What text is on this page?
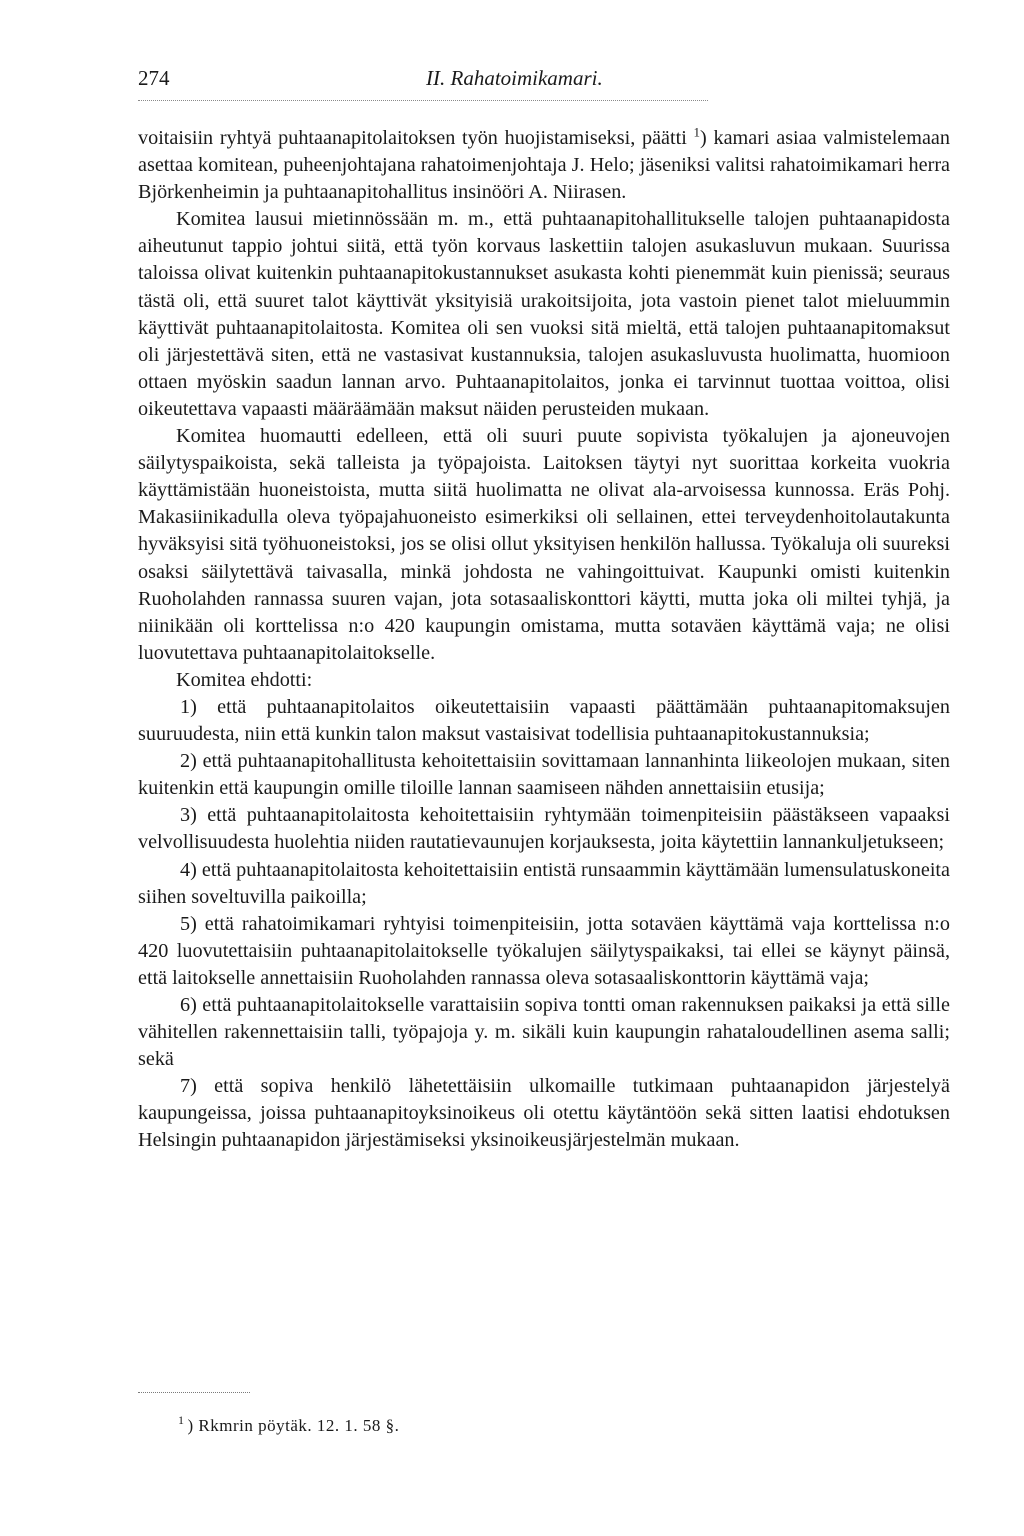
274	II. Rahatoimikamari.

voitaisiin ryhtyä puhtaanapitolaitoksen työn huojistamiseksi, päätti $^1$) kamari asiaa valmistelemaan asettaa komitean, puheenjohtajana rahatoimenjohtaja J. Helo; jäseniksi valitsi rahatoimikamari herra Björkenheimin ja puhtaanapitohallitus insinööri A. Niirasen.

Komitea lausui mietinnössään m. m., että puhtaanapitohallitukselle talojen puhtaanapidosta aiheutunut tappio johtui siitä, että työn korvaus laskettiin talojen asukasluvun mukaan. Suurissa taloissa olivat kuitenkin puhtaanapitokustannukset asukasta kohti pienemmät kuin pienissä; seuraus tästä oli, että suuret talot käyttivät yksityisiä urakoitsijoita, jota vastoin pienet talot mieluummin käyttivät puhtaanapitolaitosta. Komitea oli sen vuoksi sitä mieltä, että talojen puhtaanapitomaksut oli järjestettävä siten, että ne vastasivat kustannuksia, talojen asukasluvusta huolimatta, huomioon ottaen myöskin saadun lannan arvo. Puhtaanapitolaitos, jonka ei tarvinnut tuottaa voittoa, olisi oikeutettava vapaasti määräämään maksut näiden perusteiden mukaan.

Komitea huomautti edelleen, että oli suuri puute sopivista työkalujen ja ajoneuvojen säilytyspaikoista, sekä talleista ja työpajoista. Laitoksen täytyi nyt suorittaa korkeita vuokria käyttämistään huoneistoista, mutta siitä huolimatta ne olivat ala-arvoisessa kunnossa. Eräs Pohj. Makasiinikadulla oleva työpajahuoneisto esimerkiksi oli sellainen, ettei terveydenhoitolautakunta hyväksyisi sitä työhuoneistoksi, jos se olisi ollut yksityisen henkilön hallussa. Työkaluja oli suureksi osaksi säilytettävä taivasalla, minkä johdosta ne vahingoittuivat. Kaupunki omisti kuitenkin Ruoholahden rannassa suuren vajan, jota sotasaaliskonttori käytti, mutta joka oli miltei tyhjä, ja niinikään oli korttelissa n:o 420 kaupungin omistama, mutta sotaväen käyttämä vaja; ne olisi luovutettava puhtaanapitolaitokselle.

Komitea ehdotti:

1) että puhtaanapitolaitos oikeutettaisiin vapaasti päättämään puhtaanapitomaksujen suuruudesta, niin että kunkin talon maksut vastaisivat todellisia puhtaanapitokustannuksia;

2) että puhtaanapitohallitusta kehoitettaisiin sovittamaan lannanhinta liikeolojen mukaan, siten kuitenkin että kaupungin omille tiloille lannan saamiseen nähden annettaisiin etusija;

3) että puhtaanapitolaitosta kehoitettaisiin ryhtymään toimenpiteisiin päästäkseen vapaaksi velvollisuudesta huolehtia niiden rautatievaunujen korjauksesta, joita käytettiin lannankuljetukseen;

4) että puhtaanapitolaitosta kehoitettaisiin entistä runsaammin käyttämään lumensulatuskoneita siihen soveltuvilla paikoilla;

5) että rahatoimikamari ryhtyisi toimenpiteisiin, jotta sotaväen käyttämä vaja korttelissa n:o 420 luovutettaisiin puhtaanapitolaitokselle työkalujen säilytyspaikaksi, tai ellei se käynyt päinsä, että laitokselle annettaisiin Ruoholahden rannassa oleva sotasaaliskonttorin käyttämä vaja;

6) että puhtaanapitolaitokselle varattaisiin sopiva tontti oman rakennuksen paikaksi ja että sille vähitellen rakennettaisiin talli, työpajoja y. m. sikäli kuin kaupungin rahataloudellinen asema salli; sekä

7) että sopiva henkilö lähetettäisiin ulkomaille tutkimaan puhtaanapidon järjestelyä kaupungeissa, joissa puhtaanapitoyksinoikeus oli otettu käytäntöön sekä sitten laatisi ehdotuksen Helsingin puhtaanapidon järjestämiseksi yksinoikeusjärjestelmän mukaan.

$^1$ ) Rkmrin pöytäk. 12. 1. 58 §.
